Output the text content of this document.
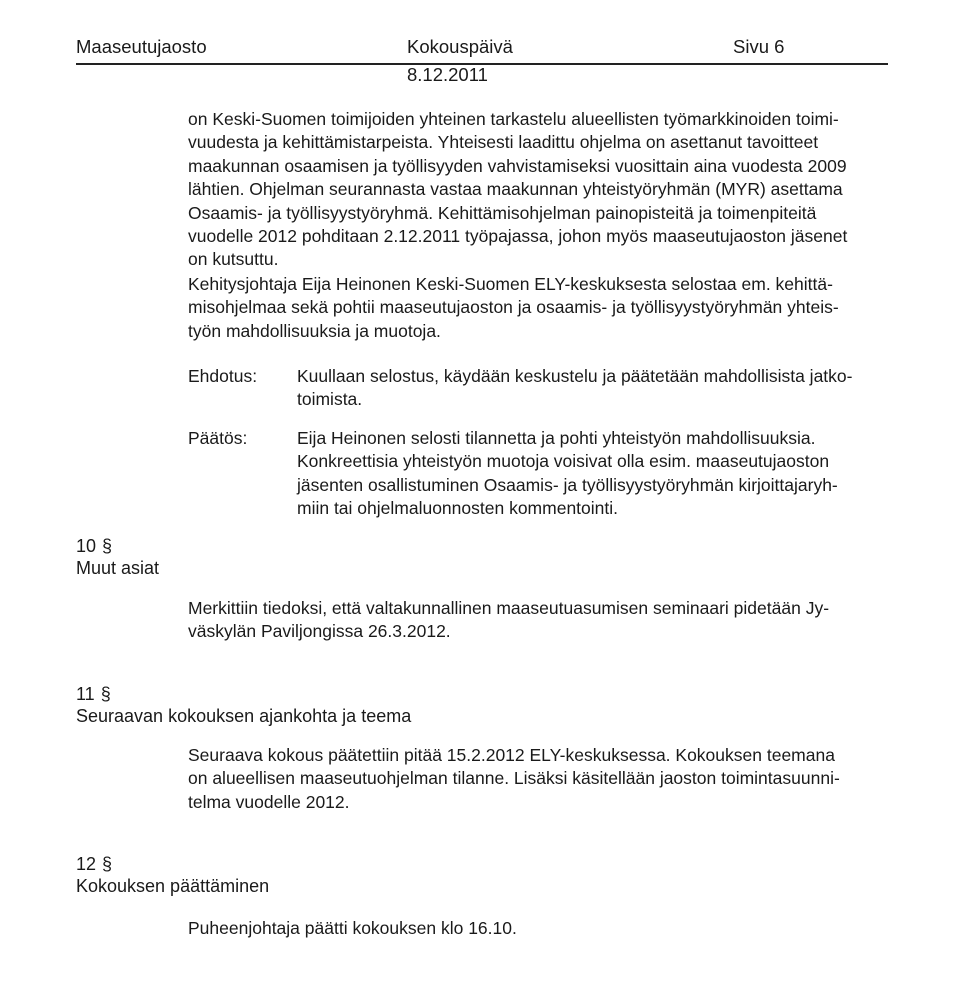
Maaseutujaosto	Kokouspäivä	Sivu 6
8.12.2011
on Keski-Suomen toimijoiden yhteinen tarkastelu alueellisten työmarkkinoiden toimi-
vuudesta ja kehittämistarpeista. Yhteisesti laadittu ohjelma on asettanut tavoitteet
maakunnan osaamisen ja työllisyyden vahvistamiseksi vuosittain aina vuodesta 2009
lähtien. Ohjelman seurannasta vastaa maakunnan yhteistyöryhmän (MYR) asettama
Osaamis- ja työllisyystyöryhmä. Kehittämisohjelman painopisteitä ja toimenpiteitä
vuodelle 2012 pohditaan 2.12.2011 työpajassa, johon myös maaseutujaoston jäsenet
on kutsuttu.
Kehitysjohtaja Eija Heinonen Keski-Suomen ELY-keskuksesta selostaa em. kehittä-
misohjelmaa sekä pohtii maaseutujaoston ja osaamis- ja työllisyystyöryhmän yhteis-
työn mahdollisuuksia ja muotoja.
Ehdotus: Kuullaan selostus, käydään keskustelu ja päätetään mahdollisista jatko-
toimista.
Päätös:	Eija Heinonen selosti tilannetta ja pohti yhteistyön mahdollisuuksia.
Konkreettisia yhteistyön muotoja voisivat olla esim. maaseutujaoston
jäsenten osallistuminen Osaamis- ja työllisyystyöryhmän kirjoittajaryh-
miin tai ohjelmaluonnosten kommentointi.
10 §
Muut asiat
Merkittiin tiedoksi, että valtakunnallinen maaseutuasumisen seminaari pidetään Jy-
väskylän Paviljongissa 26.3.2012.
11 §
Seuraavan kokouksen ajankohta ja teema
Seuraava kokous päätettiin pitää 15.2.2012 ELY-keskuksessa. Kokouksen teemana
on alueellisen maaseutuohjelman tilanne. Lisäksi käsitellään jaoston toimintasuunni-
telma vuodelle 2012.
12 §
Kokouksen päättäminen
Puheenjohtaja päätti kokouksen klo 16.10.
